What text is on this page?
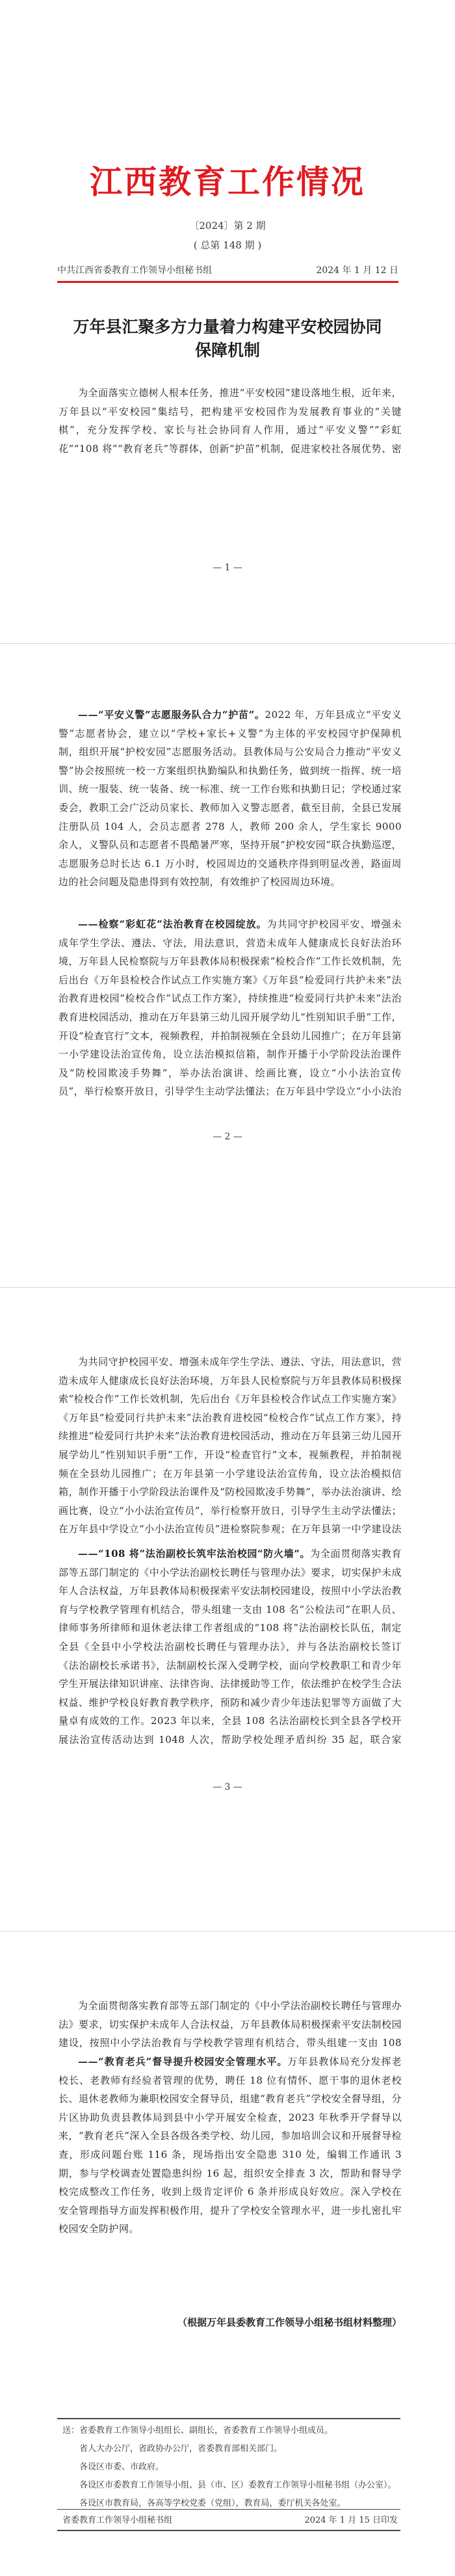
江西教育工作情况
〔2024〕第 2 期
( 总第 148 期 )
中共江西省委教育工作领导小组秘书组	2024 年 1 月 12 日
万年县汇聚多方力量着力构建平安校园协同
保障机制
为全面落实立德树人根本任务，推进“平安校园”建设落地生根，近年来，万年县以“平安校园”集结号，把构建平安校园作为发展教育事业的“关键棋”，充分发挥学校、家长与社会协同育人作用，通过“平安义警”“彩虹花”“108 将”“教育老兵”等群体，创新“护苗”机制，促进家校社各展优势、密
— 1 —
——“平安义警”志愿服务队合力“护苗”。2022 年，万年县成立“平安义警”志愿者协会，建立以“学校+家长+义警”为主体的平安校园守护保障机制，组织开展“护校安园”志愿服务活动。县教体局与公安局合力推动“平安义警”协会按照统一校一方案组织执勤编队和执勤任务，做到统一指挥、统一培训、统一服装、统一装备、统一标准、统一工作台账和执勤日记；学校通过家委会，教职工会广泛动员家长、教师加入义警志愿者，截至目前，全县已发展注册队员 104 人，会员志愿者 278 人，教师 200 余人，学生家长 9000 余人，义警队员和志愿者不畏酷暑严寒，坚持开展“护校安园”联合执勤巡逻，志愿服务总时长达 6.1 万小时，校园周边的交通秩序得到明显改善，路面周边的社会问题及隐患得到有效控制，有效维护了校园周边环境。
——检察“彩虹花”法治教育在校园绽放。为共同守护校园平安、增强未成年学生学法、遵法、守法，用法意识，营造未成年人健康成长良好法治环境，万年县人民检察院与万年县教体局积极探索“检校合作”工作长效机制，先后出台《万年县检校合作试点工作实施方案》《万年县“检爱同行共护未来”法治教育进校园“检校合作”试点工作方案》，持续推进“检爱同行共护未来”法治教育进校园活动，推动在万年县第三幼儿园开展学幼儿“性别知识手册”工作，开设“检查官行”文本，视频教程，并拍制视频在全县幼儿园推广；在万年县第一小学建设法治宣传角，设立法治模拟信箱，制作开播于小学阶段法治课件及“防校园欺凌手势舞”，举办法治演讲、绘画比赛，设立“小小法治宣传员”，举行检察开放日，引导学生主动学法懂法；在万年县中学设立“小小法治
— 2 —
为共同守护校园平安、增强未成年学生学法、遵法、守法，用法意识，营造未成年人健康成长良好法治环境，万年县人民检察院与万年县教体局积极探索“检校合作”工作长效机制，先后出台《万年县检校合作试点工作实施方案》《万年县“检爱同行共护未来”法治教育进校园“检校合作”试点工作方案》，持续推进“检爱同行共护未来”法治教育进校园活动，推动在万年县第三幼儿园开展学幼儿“性别知识手册”工作，开设“检查官行”文本，视频教程，并拍制视频在全县幼儿园推广；在万年县第一小学建设法治宣传角，设立法治模拟信箱，制作开播于小学阶段法治课件及“防校园欺凌手势舞”，举办法治演讲、绘画比赛，设立“小小法治宣传员”，举行检察开放日，引导学生主动学法懂法；在万年县中学设立“小小法治宣传员”进检察院参观；在万年县第一中学建设法
——“108 将”法治副校长筑牢法治校园“防火墙”。为全面贯彻落实教育部等五部门制定的《中小学法治副校长聘任与管理办法》要求，切实保护未成年人合法权益，万年县教体局积极探索平安法制校园建设，按照中小学法治教育与学校教学管理有机结合，带头组建一支由 108 名“公检法司”在职人员、律师事务所律师和退休老法律工作者组成的“108 将”法治副校长队伍，制定全县《全县中小学校法治副校长聘任与管理办法》，并与各法治副校长签订《法治副校长承诺书》，法制副校长深入受聘学校，面向学校教职工和青少年学生开展法律知识讲座、法律咨询、法律援助等工作，依法维护在校学生合法权益、维护学校良好教育教学秩序，预防和减少青少年违法犯罪等方面做了大量卓有成效的工作。2023 年以来，全县 108 名法治副校长到全县各学校开展法治宣传活动达到 1048 人次，帮助学校处理矛盾纠纷 35 起，联合家
— 3 —
为全面贯彻落实教育部等五部门制定的《中小学法治副校长聘任与管理办法》要求，切实保护未成年人合法权益，万年县教体局积极探索平安法制校园建设，按照中小学法治教育与学校教学管理有机结合，带头组建一支由 108
——“教育老兵”督导提升校园安全管理水平。万年县教体局充分发挥老校长、老教师有经验者管理的优势，聘任 18 位有情怀、愿干事的退休老校长、退休老教师为兼职校园安全督导员，组建“教育老兵”学校安全督导组，分片区协助负责县教体局到县中小学开展安全检查，2023 年秋季开学督导以来，“教育老兵”深入全县各级各类学校、幼儿园，参加培训会议和开展督导检查，形成问题台账 116 条，现场指出安全隐患 310 处，编辑工作通讯 3 期，参与学校调查处置隐患纠纷 16 起，组织安全排查 3 次，帮助和督导学校完成整改工作任务，收到上级肯定评价 6 条并形成良好效应。深入学校在安全管理指导方面发挥积极作用，提升了学校安全管理水平，进一步扎密扎牢校园安全防护网。
（根据万年县委教育工作领导小组秘书组材料整理）
送：省委教育工作领导小组组长、副组长，省委教育工作领导小组成员。
省人大办公厅，省政协办公厅，省委教育部相关部门。
各设区市委、市政府。
各设区市委教育工作领导小组、县（市、区）委教育工作领导小组秘书组（办公室）。
各设区市教育局，各高等学校党委（党组），教育局，委厅机关各处室。
省委教育工作领导小组秘书组	2024 年 1 月 15 日印发
